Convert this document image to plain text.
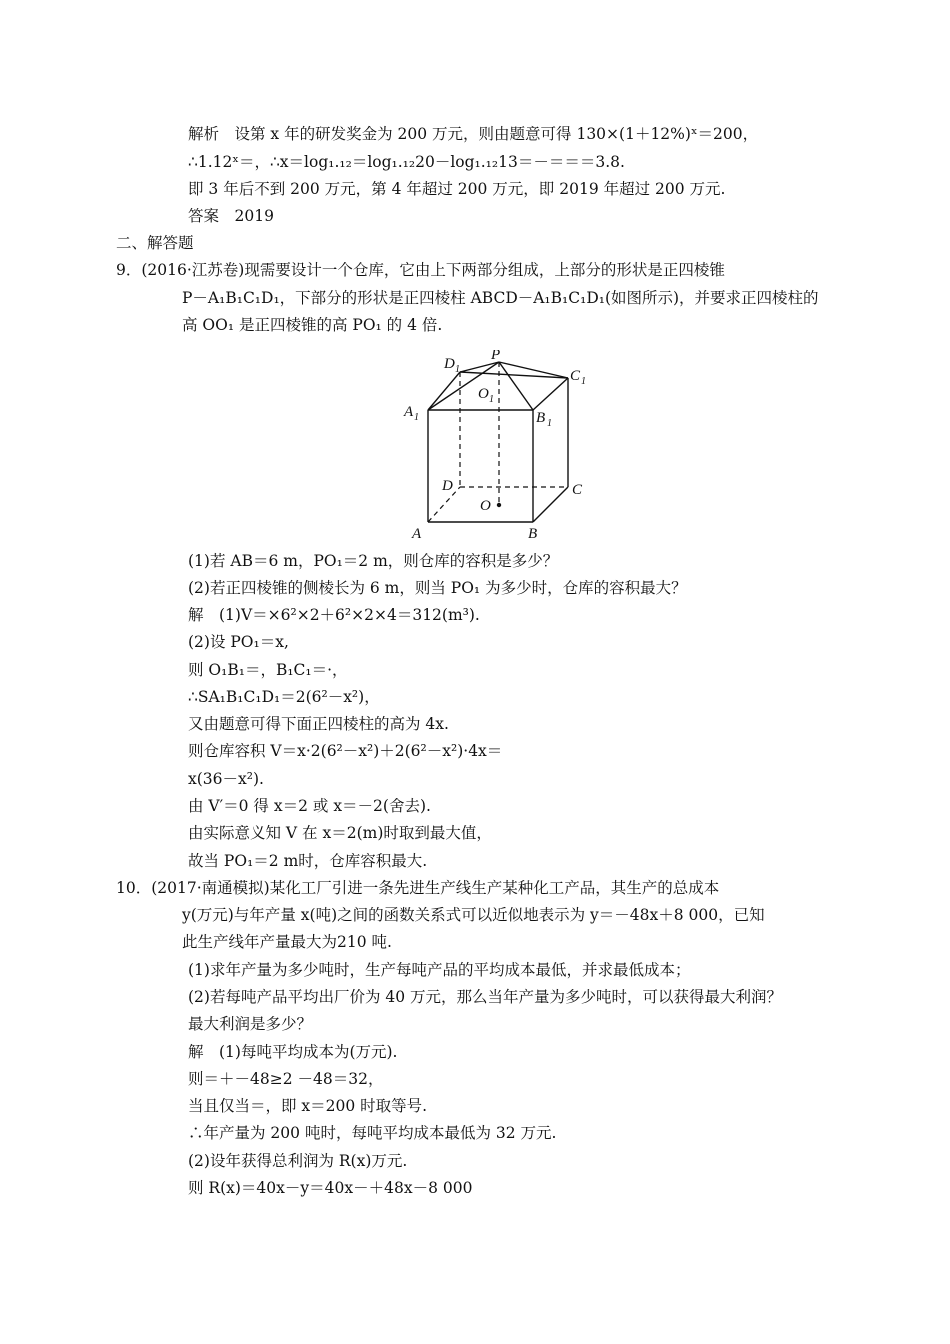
解析　设第 x 年的研发奖金为 200 万元，则由题意可得 130×(1＋12%)ˣ＝200，
∴1.12ˣ＝，∴x＝log₁.₁₂＝log₁.₁₂20－log₁.₁₂13＝－＝＝＝3.8.
即 3 年后不到 200 万元，第 4 年超过 200 万元，即 2019 年超过 200 万元.
答案　2019
二、解答题
9．(2016·江苏卷)现需要设计一个仓库，它由上下两部分组成，上部分的形状是正四棱锥
P－A₁B₁C₁D₁，下部分的形状是正四棱柱 ABCD－A₁B₁C₁D₁(如图所示)，并要求正四棱柱的
高 OO₁ 是正四棱锥的高 PO₁ 的 4 倍.
P
D 1	C 1
O 1
A 1	B 1
D	C
O
A	B
(1)若 AB＝6 m，PO₁＝2 m，则仓库的容积是多少？
(2)若正四棱锥的侧棱长为 6 m，则当 PO₁ 为多少时，仓库的容积最大？
解　(1)V＝×6²×2＋6²×2×4＝312(m³).
(2)设 PO₁＝x,
则 O₁B₁＝，B₁C₁＝·，
∴SA₁B₁C₁D₁＝2(6²－x²)，
又由题意可得下面正四棱柱的高为 4x.
则仓库容积 V＝x·2(6²－x²)＋2(6²－x²)·4x＝
x(36－x²).
由 V′＝0 得 x＝2 或 x＝－2(舍去).
由实际意义知 V 在 x＝2(m)时取到最大值，
故当 PO₁＝2 m时，仓库容积最大.
10．(2017·南通模拟)某化工厂引进一条先进生产线生产某种化工产品，其生产的总成本
y(万元)与年产量 x(吨)之间的函数关系式可以近似地表示为 y＝－48x＋8 000，已知
此生产线年产量最大为210 吨.
(1)求年产量为多少吨时，生产每吨产品的平均成本最低，并求最低成本；
(2)若每吨产品平均出厂价为 40 万元，那么当年产量为多少吨时，可以获得最大利润？
最大利润是多少？
解　(1)每吨平均成本为(万元).
则＝＋－48≥2 －48＝32，
当且仅当＝，即 x＝200 时取等号.
∴年产量为 200 吨时，每吨平均成本最低为 32 万元.
(2)设年获得总利润为 R(x)万元.
则 R(x)＝40x－y＝40x－＋48x－8 000
